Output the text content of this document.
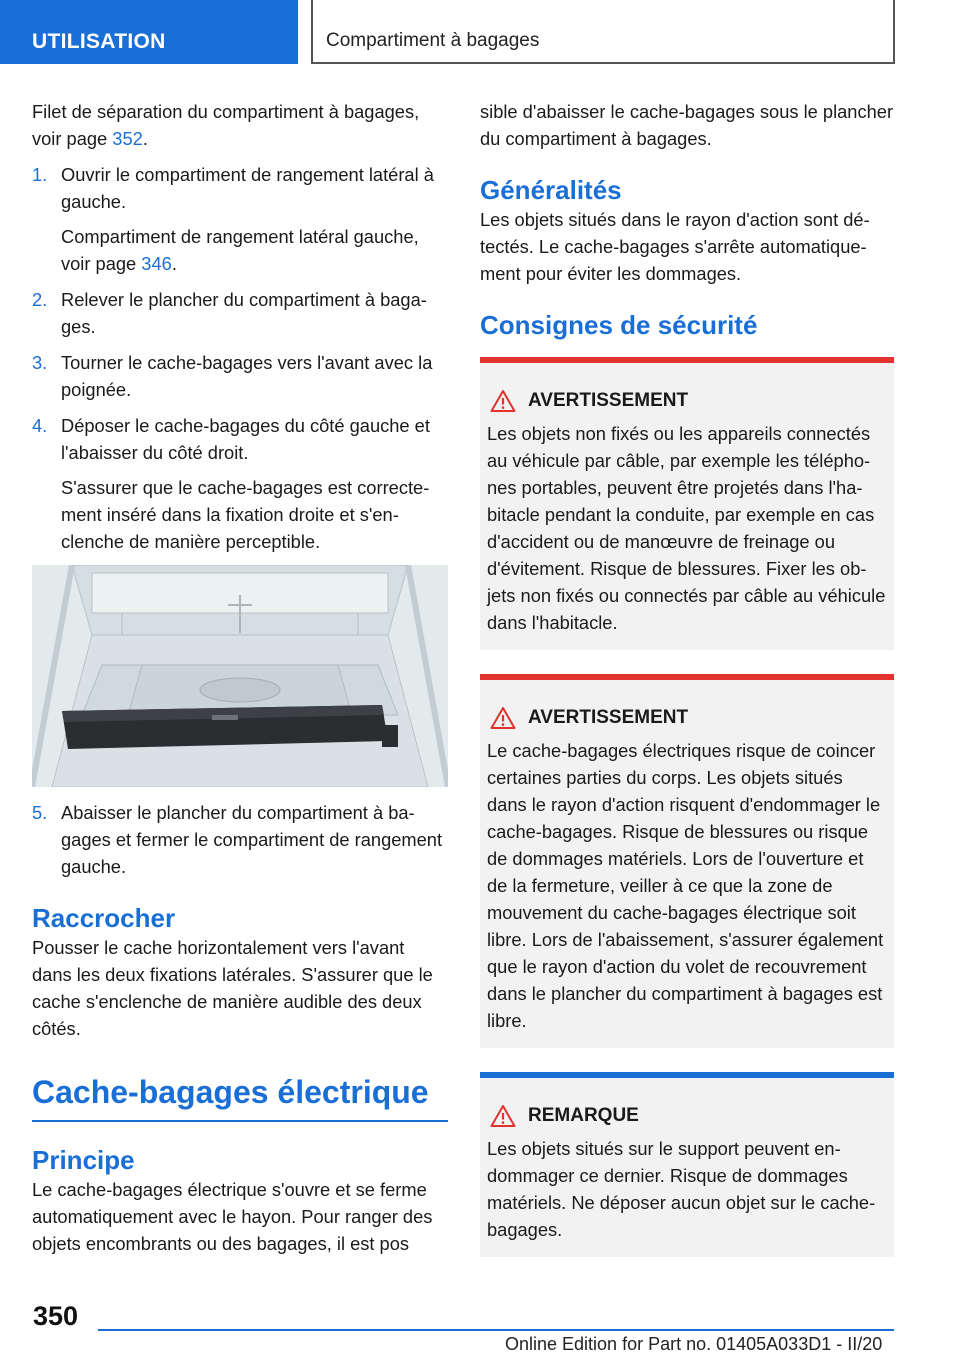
UTILISATION	Compartiment à bagages

Filet de séparation du compartiment à bagages, voir page 352.

1. Ouvrir le compartiment de rangement latéral à gauche.
Compartiment de rangement latéral gauche, voir page 346.
2. Relever le plancher du compartiment à bagages.
3. Tourner le cache-bagages vers l'avant avec la poignée.
4. Déposer le cache-bagages du côté gauche et l'abaisser du côté droit.
S'assurer que le cache-bagages est correctement inséré dans la fixation droite et s'enclenche de manière perceptible.
5. Abaisser le plancher du compartiment à bagages et fermer le compartiment de rangement gauche.
Raccrocher

Pousser le cache horizontalement vers l'avant dans les deux fixations latérales. S'assurer que le cache s'enclenche de manière audible des deux côtés.

Cache-bagages électrique
Principe

Le cache-bagages électrique s'ouvre et se ferme automatiquement avec le hayon. Pour ranger des objets encombrants ou des bagages, il est pos

sible d'abaisser le cache-bagages sous le plancher du compartiment à bagages.

Généralités

Les objets situés dans le rayon d'action sont détectés. Le cache-bagages s'arrête automatiquement pour éviter les dommages.

Consignes de sécurité
AVERTISSEMENT

Les objets non fixés ou les appareils connectés au véhicule par câble, par exemple les téléphones portables, peuvent être projetés dans l'habitacle pendant la conduite, par exemple en cas d'accident ou de manœuvre de freinage ou d'évitement. Risque de blessures. Fixer les objets non fixés ou connectés par câble au véhicule dans l'habitacle.

AVERTISSEMENT

Le cache-bagages électriques risque de coincer certaines parties du corps. Les objets situés dans le rayon d'action risquent d'endommager le cache-bagages. Risque de blessures ou risque de dommages matériels. Lors de l'ouverture et de la fermeture, veiller à ce que la zone de mouvement du cache-bagages électrique soit libre. Lors de l'abaissement, s'assurer également que le rayon d'action du volet de recouvrement dans le plancher du compartiment à bagages est libre.

REMARQUE

Les objets situés sur le support peuvent endommager ce dernier. Risque de dommages matériels. Ne déposer aucun objet sur le cache-bagages.

350
Online Edition for Part no. 01405A033D1 - II/20
